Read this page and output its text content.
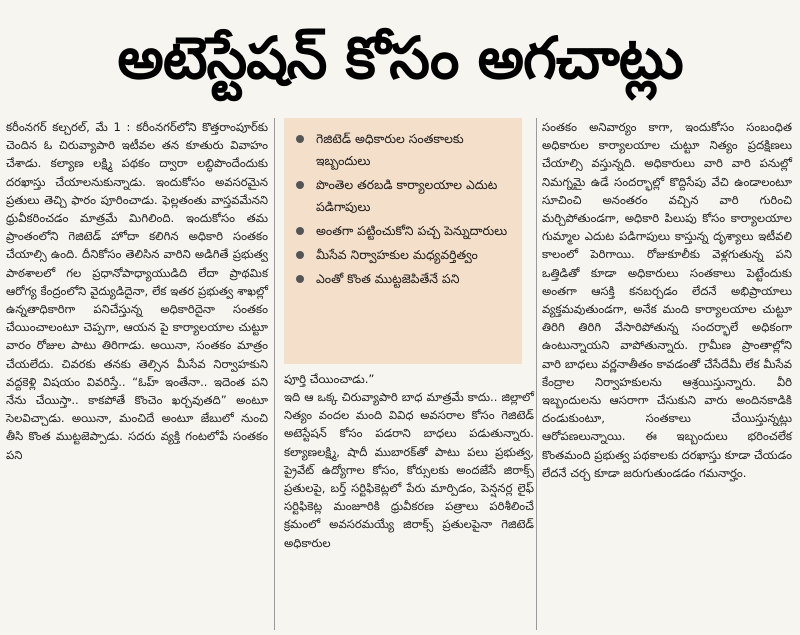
అటెస్టేషన్ కోసం అగచాట్లు

కరీంనగర్ కల్చరల్, మే 1 : కరీంనగర్‌లోని కొత్తరాంపూర్‌కు చెందిన ఓ చిరువ్యాపారి ఇటీవల తన కూతురు వివాహం చేశాడు. కల్యాణ లక్ష్మి పథకం ద్వారా లబ్ధిపొందేందుకు దరఖాస్తు చేయాలనుకున్నాడు. ఇందుకోసం అవసరమైన ప్రతులు తెచ్చి ఫారం పూరించాడు. ఫెల్లతంతు వాస్తవమేనని ధ్రువీకరించడం మాత్రమే మిగిలింది. ఇందుకోసం తమ ప్రాంతంలోని గెజిటెడ్ హోదా కలిగిన అధికారి సంతకం చేయాల్సి ఉంది. దీనికోసం తెలిసిన వారిని అడిగితే ప్రభుత్వ పాఠశాలలో గల ప్రధానోపాధ్యాయుడిది లేదా ప్రాథమిక ఆరోగ్య కేంద్రంలోని వైద్యుడిదైనా, లేక ఇతర ప్రభుత్వ శాఖల్లో ఉన్నతాధికారిగా పనిచేస్తున్న అధికారిదైనా సంతకం చేయించాలంటూ చెప్పగా, ఆయన పై కార్యాలయాల చుట్టూ వారం రోజుల పాటు తిరిగాడు. అయినా, సంతకం మాత్రం చేయలేదు. చివరకు తనకు తెల్సిన మీసేవ నిర్వాహకుని వద్దకెళ్లి విషయం వివరిస్తే.. “ఓహ్ ఇంతేనా.. ఇదెంత పని నేను చేయిస్తా.. కాకపోతే కొంచెం ఖర్చవుతది” అంటూ సెలవిచ్చాడు. అయినా, మంచిదే అంటూ జేబులో నుంచి తీసి కొంత ముట్టజెప్పాడు. సదరు వ్యక్తి గంటలోపే సంతకం పని

గెజిటెడ్ అధికారుల సంతకాలకు ఇబ్బందులు
పొంతెల తరబడి కార్యాలయాల ఎదుట పడిగాపులు
అంతగా పట్టించుకోని పచ్చ పెన్నుదారులు
మీసేవ నిర్వాహకుల మధ్యవర్తిత్వం
ఎంతో కొంత ముట్టజెపితేనే పని
పూర్తి చేయించాడు.”

ఇది ఆ ఒక్క చిరువ్యాపారి బాధ మాత్రమే కాదు.. జిల్లాలో నిత్యం వందల మంది వివిధ అవసరాల కోసం గెజిటెడ్ అటెస్టేషన్ కోసం పడరాని బాధలు పడుతున్నారు. కల్యాణలక్ష్మి, షాదీ ముబారక్‌తో పాటు పలు ప్రభుత్వ, ప్రైవేట్ ఉద్యోగాల కోసం, కోర్సులకు అందజేసే జిరాక్స్ ప్రతులపై, బర్త్ సర్టిఫికెట్లలో పేరు మార్పిడం, పెన్షనర్ల లైఫ్ సర్టిఫికెట్ల మంజూరికి ధ్రువీకరణ పత్రాలు పరిశీలించే క్రమంలో అవసరమయ్యే జిరాక్స్ ప్రతులపైనా గెజిటెడ్ అధికారుల

సంతకం అనివార్యం కాగా, ఇందుకోసం సంబంధిత అధికారుల కార్యాలయాల చుట్టూ నిత్యం ప్రదక్షిణలు చేయాల్సి వస్తున్నది. అధికారులు వారి వారి పనుల్లో నిమగ్నమై ఉడే సందర్భాల్లో కొద్దిసేపు వేచి ఉండాలంటూ సూచించి అనంతరం వచ్చిన వారి గురించి మర్చిపోతుండగా, అధికారి పిలుపు కోసం కార్యాలయాల గుమ్మాల ఎదుట పడిగాపులు కాస్తున్న దృశ్యాలు ఇటీవలి కాలంలో పెరిగాయి. రోజుకూలీకు వెళ్లగుతున్న పని ఒత్తిడితో కూడా అధికారులు సంతకాలు పెట్టేందుకు అంతగా ఆసక్తి కనబర్చడం లేదనే అభిప్రాయాలు వ్యక్తమవుతుండగా, అనేక మంది కార్యాలయాల చుట్టూ తిరిగి తిరిగి వేసారిపోతున్న సందర్భాలే అధికంగా ఉంటున్నాయని వాపోతున్నారు. గ్రామీణ ప్రాంతాల్లోని వారి బాధలు వర్ణనాతీతం కావడంతో చేసేదేమీ లేక మీసేవ కేంద్రాల నిర్వాహకులను ఆశ్రయిస్తున్నారు. వీరి ఇబ్బందులను ఆసరాగా చేసుకుని వారు అందినకాడికి దండుకుంటూ, సంతకాలు చేయిస్తున్నట్లు ఆరోపణలున్నాయి. ఈ ఇబ్బందులు భరించలేక కొంతమంది ప్రభుత్వ పథకాలకు దరఖాస్తు కూడా చేయడం లేదనే చర్చ కూడా జరుగుతుండడం గమనార్హం.
